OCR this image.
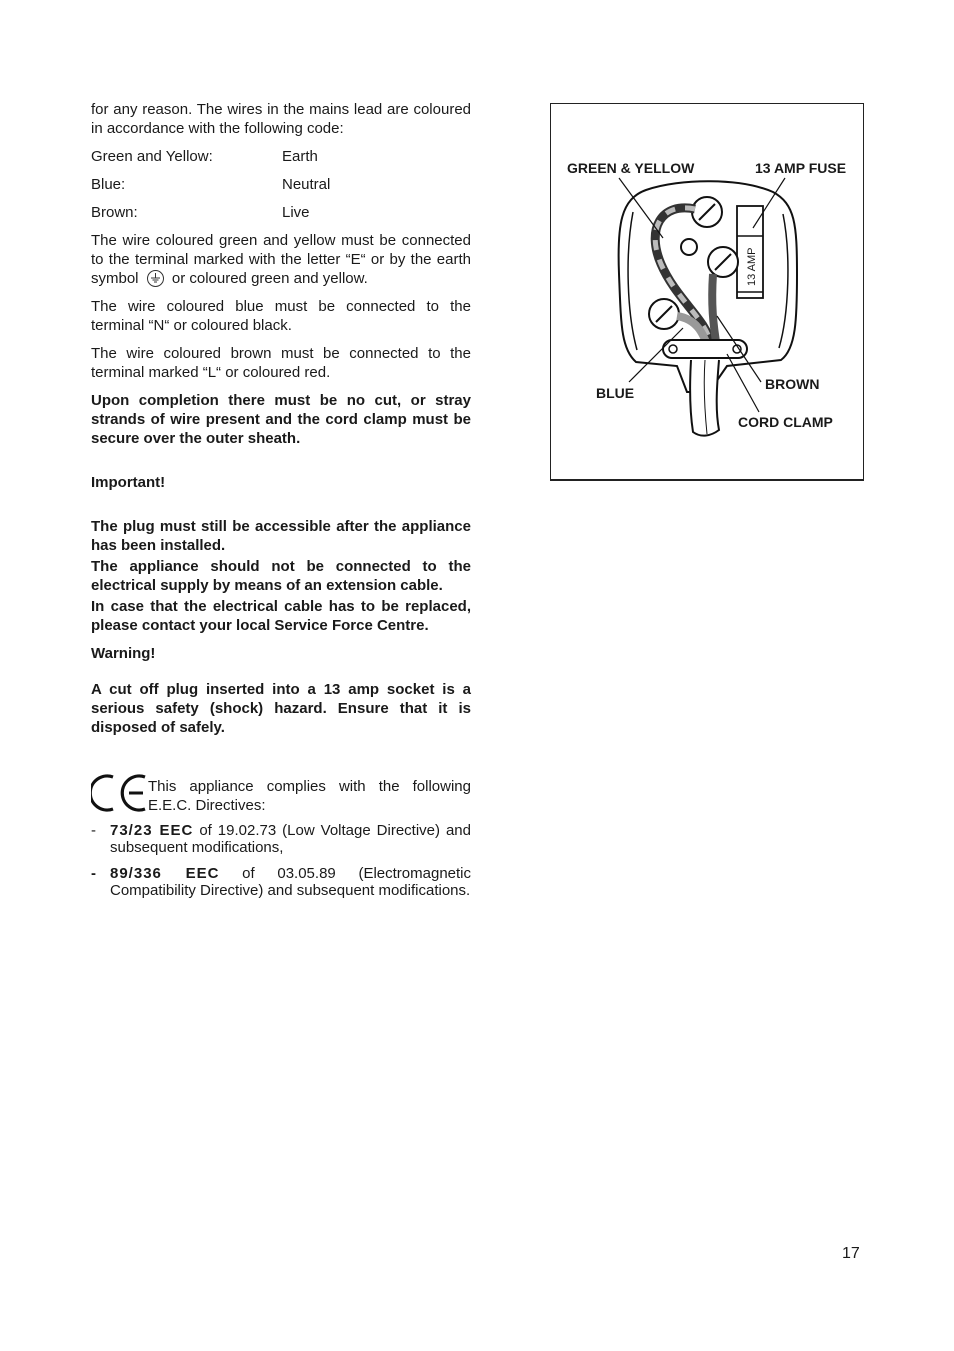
for any reason. The wires in the mains lead are coloured in accordance with the following code:

Green and Yellow:	Earth
Blue:	Neutral
Brown:	Live

The wire coloured green and yellow must be connected to the terminal marked with the letter “E“ or by the earth symbol or coloured green and yellow.

The wire coloured blue must be connected to the terminal “N“ or coloured black.

The wire coloured brown must be connected to the terminal marked “L“ or coloured red.

Upon completion there must be no cut, or stray strands of wire present and the cord clamp must be secure over the outer sheath.

Important!

The plug must still be accessible after the appliance has been installed.

The appliance should not be connected to the electrical supply by means of an extension cable.

In case that the electrical cable has to be replaced, please contact your local Service Force Centre.

Warning!

A cut off plug inserted into a 13 amp socket is a serious safety (shock) hazard. Ensure that it is disposed of safely.

This appliance complies with the following E.E.C. Directives:

- 73/23 EEC of 19.02.73 (Low Voltage Directive) and subsequent modifications,
- 89/336 EEC of 03.05.89 (Electromagnetic Compatibility Directive) and subsequent modifications.
13 AMP
GREEN & YELLOW	13 AMP FUSE
BLUE
BROWN
CORD CLAMP
17
